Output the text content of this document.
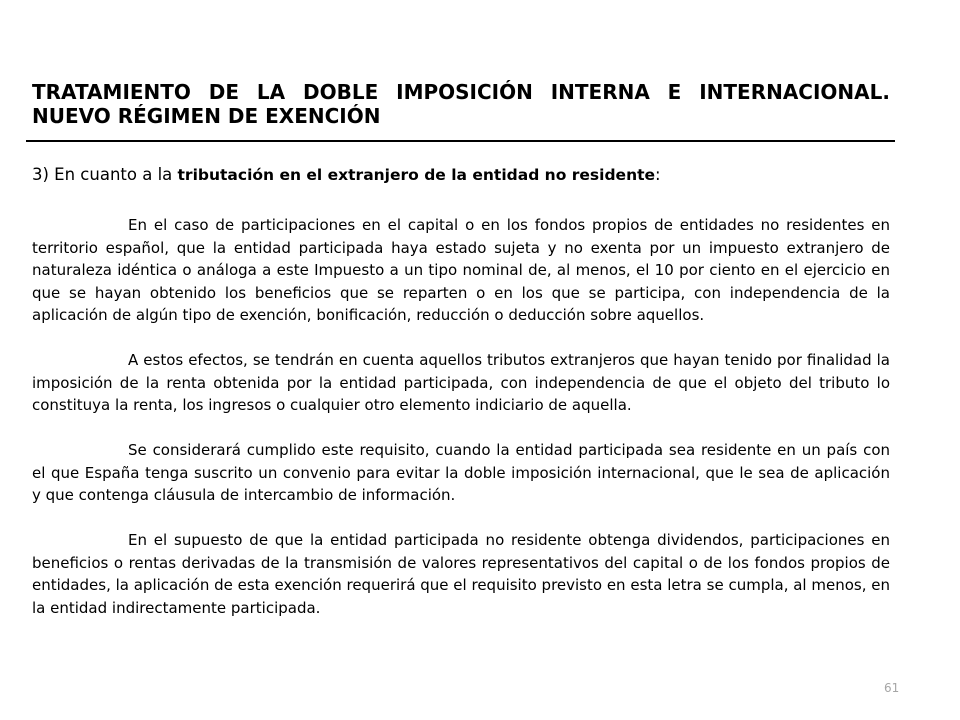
TRATAMIENTO DE LA DOBLE IMPOSICIÓN INTERNA E INTERNACIONAL.
NUEVO RÉGIMEN DE EXENCIÓN

3) En cuanto a la tributación en el extranjero de la entidad no residente:

En el caso de participaciones en el capital o en los fondos propios de entidades no residentes en territorio español, que la entidad participada haya estado sujeta y no exenta por un impuesto extranjero de naturaleza idéntica o análoga a este Impuesto a un tipo nominal de, al menos, el 10 por ciento en el ejercicio en que se hayan obtenido los beneficios que se reparten o en los que se participa, con independencia de la aplicación de algún tipo de exención, bonificación, reducción o deducción sobre aquellos.

A estos efectos, se tendrán en cuenta aquellos tributos extranjeros que hayan tenido por finalidad la imposición de la renta obtenida por la entidad participada, con independencia de que el objeto del tributo lo constituya la renta, los ingresos o cualquier otro elemento indiciario de aquella.

Se considerará cumplido este requisito, cuando la entidad participada sea residente en un país con el que España tenga suscrito un convenio para evitar la doble imposición internacional, que le sea de aplicación y que contenga cláusula de intercambio de información.

En el supuesto de que la entidad participada no residente obtenga dividendos, participaciones en beneficios o rentas derivadas de la transmisión de valores representativos del capital o de los fondos propios de entidades, la aplicación de esta exención requerirá que el requisito previsto en esta letra se cumpla, al menos, en la entidad indirectamente participada.

61
